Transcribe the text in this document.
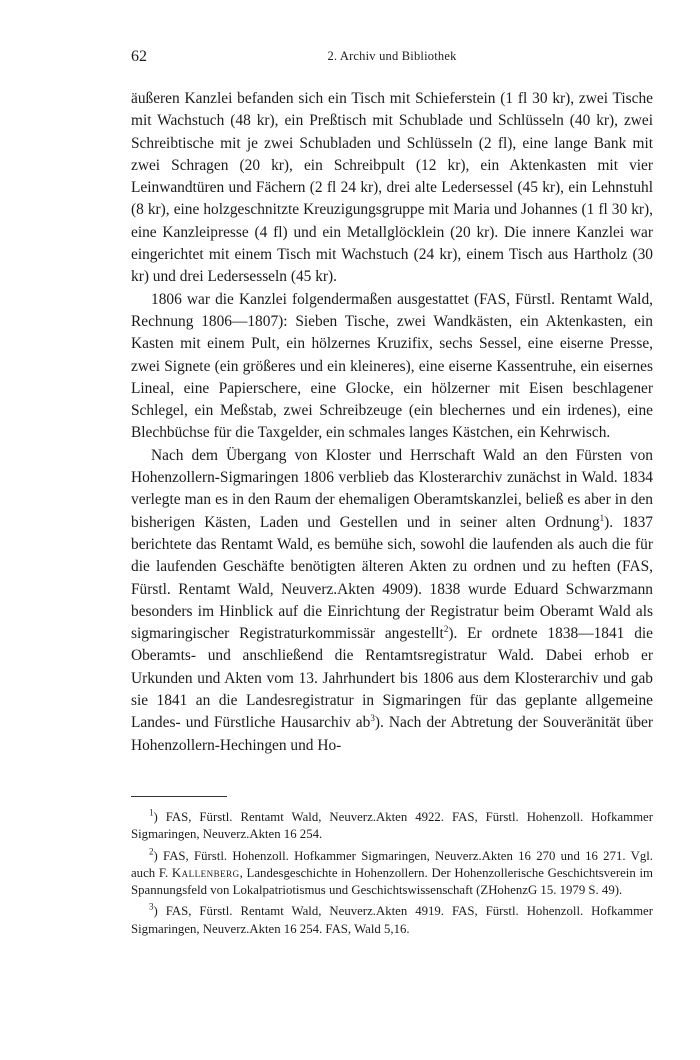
62	2. Archiv und Bibliothek

äußeren Kanzlei befanden sich ein Tisch mit Schieferstein (1 fl 30 kr), zwei Tische mit Wachstuch (48 kr), ein Preßtisch mit Schublade und Schlüsseln (40 kr), zwei Schreibtische mit je zwei Schubladen und Schlüsseln (2 fl), eine lange Bank mit zwei Schragen (20 kr), ein Schreibpult (12 kr), ein Aktenkasten mit vier Leinwandtüren und Fächern (2 fl 24 kr), drei alte Ledersessel (45 kr), ein Lehnstuhl (8 kr), eine holzgeschnitzte Kreuzigungsgruppe mit Maria und Johannes (1 fl 30 kr), eine Kanzleipresse (4 fl) und ein Metallglöcklein (20 kr). Die innere Kanzlei war eingerichtet mit einem Tisch mit Wachstuch (24 kr), einem Tisch aus Hartholz (30 kr) und drei Ledersesseln (45 kr).

1806 war die Kanzlei folgendermaßen ausgestattet (FAS, Fürstl. Rentamt Wald, Rechnung 1806—1807): Sieben Tische, zwei Wandkästen, ein Aktenkasten, ein Kasten mit einem Pult, ein hölzernes Kruzifix, sechs Sessel, eine eiserne Presse, zwei Signete (ein größeres und ein kleineres), eine eiserne Kassentruhe, ein eisernes Lineal, eine Papierschere, eine Glocke, ein hölzerner mit Eisen beschlagener Schlegel, ein Meßstab, zwei Schreibzeuge (ein blechernes und ein irdenes), eine Blechbüchse für die Taxgelder, ein schmales langes Kästchen, ein Kehrwisch.

Nach dem Übergang von Kloster und Herrschaft Wald an den Fürsten von Hohenzollern-Sigmaringen 1806 verblieb das Klosterarchiv zunächst in Wald. 1834 verlegte man es in den Raum der ehemaligen Oberamtskanzlei, beließ es aber in den bisherigen Kästen, Laden und Gestellen und in seiner alten Ordnung$^1$). 1837 berichtete das Rentamt Wald, es bemühe sich, sowohl die laufenden als auch die für die laufenden Geschäfte benötigten älteren Akten zu ordnen und zu heften (FAS, Fürstl. Rentamt Wald, Neuverz.Akten 4909). 1838 wurde Eduard Schwarzmann besonders im Hinblick auf die Einrichtung der Registratur beim Oberamt Wald als sigmaringischer Registraturkommissär angestellt$^2$). Er ordnete 1838—1841 die Oberamts- und anschließend die Rentamtsregistratur Wald. Dabei erhob er Urkunden und Akten vom 13. Jahrhundert bis 1806 aus dem Klosterarchiv und gab sie 1841 an die Landesregistratur in Sigmaringen für das geplante allgemeine Landes- und Fürstliche Hausarchiv $ab^3$). Nach der Abtretung der Souveränität über Hohenzollern-Hechingen und Ho-

$^1$) FAS, Fürstl. Rentamt Wald, Neuverz.Akten 4922. FAS, Fürstl. Hohenzoll. Hofkammer Sigmaringen, Neuverz.Akten 16 254.

$^2$) FAS, Fürstl. Hohenzoll. Hofkammer Sigmaringen, Neuverz.Akten 16 270 und 16 271. Vgl. auch F. Kallenberg, Landesgeschichte in Hohenzollern. Der Hohenzollerische Geschichtsverein im Spannungsfeld von Lokalpatriotismus und Geschichtswissenschaft (ZHohenzG 15. 1979 S. 49).

$^3$) FAS, Fürstl. Rentamt Wald, Neuverz.Akten 4919. FAS, Fürstl. Hohenzoll. Hofkammer Sigmaringen, Neuverz.Akten 16 254. FAS, Wald 5,16.
